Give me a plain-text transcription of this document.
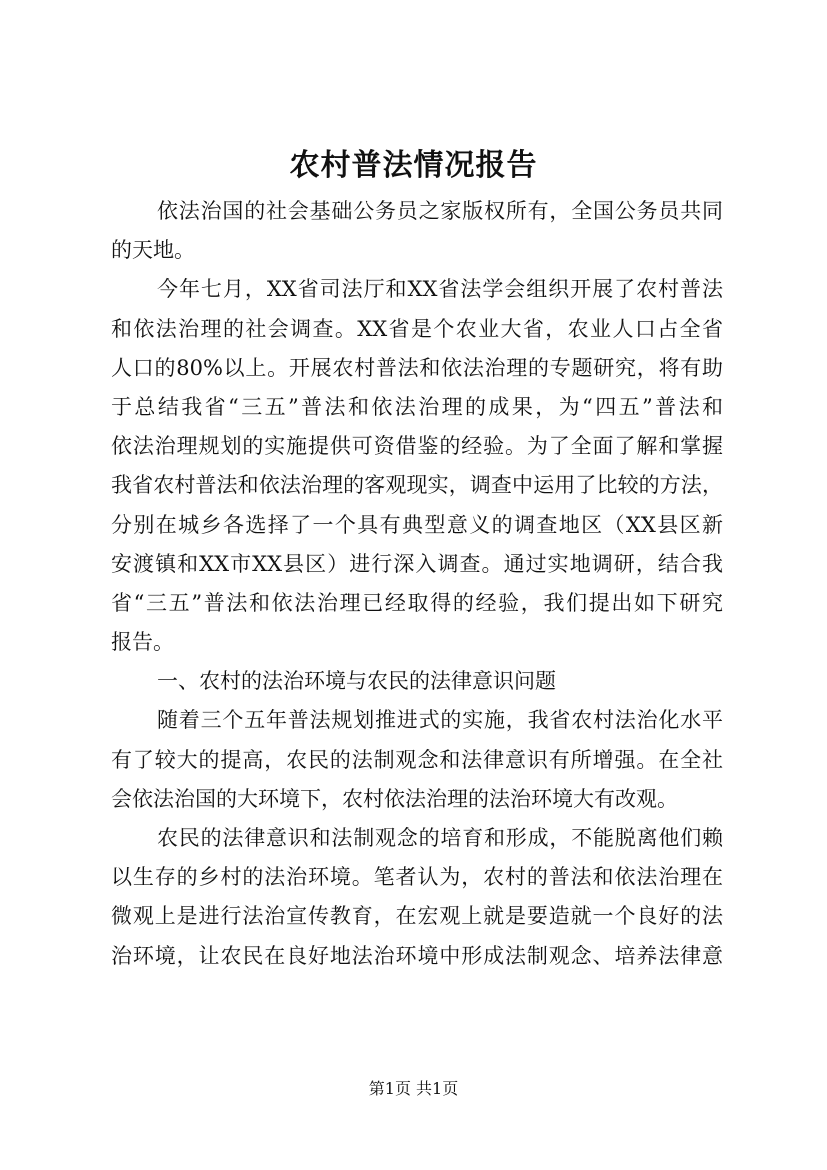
农村普法情况报告
依法治国的社会基础公务员之家版权所有，全国公务员共同
的天地。
今年七月，XX省司法厅和XX省法学会组织开展了农村普法
和依法治理的社会调查。XX省是个农业大省，农业人口占全省
人口的80%以上。开展农村普法和依法治理的专题研究，将有助
于总结我省“三五”普法和依法治理的成果，为“四五”普法和
依法治理规划的实施提供可资借鉴的经验。为了全面了解和掌握
我省农村普法和依法治理的客观现实，调查中运用了比较的方法，
分别在城乡各选择了一个具有典型意义的调查地区（XX县区新
安渡镇和XX市XX县区）进行深入调查。通过实地调研，结合我
省“三五”普法和依法治理已经取得的经验，我们提出如下研究
报告。
一、农村的法治环境与农民的法律意识问题
随着三个五年普法规划推进式的实施，我省农村法治化水平
有了较大的提高，农民的法制观念和法律意识有所增强。在全社
会依法治国的大环境下，农村依法治理的法治环境大有改观。
农民的法律意识和法制观念的培育和形成，不能脱离他们赖
以生存的乡村的法治环境。笔者认为，农村的普法和依法治理在
微观上是进行法治宣传教育，在宏观上就是要造就一个良好的法
治环境，让农民在良好地法治环境中形成法制观念、培养法律意
第1页 共1页
